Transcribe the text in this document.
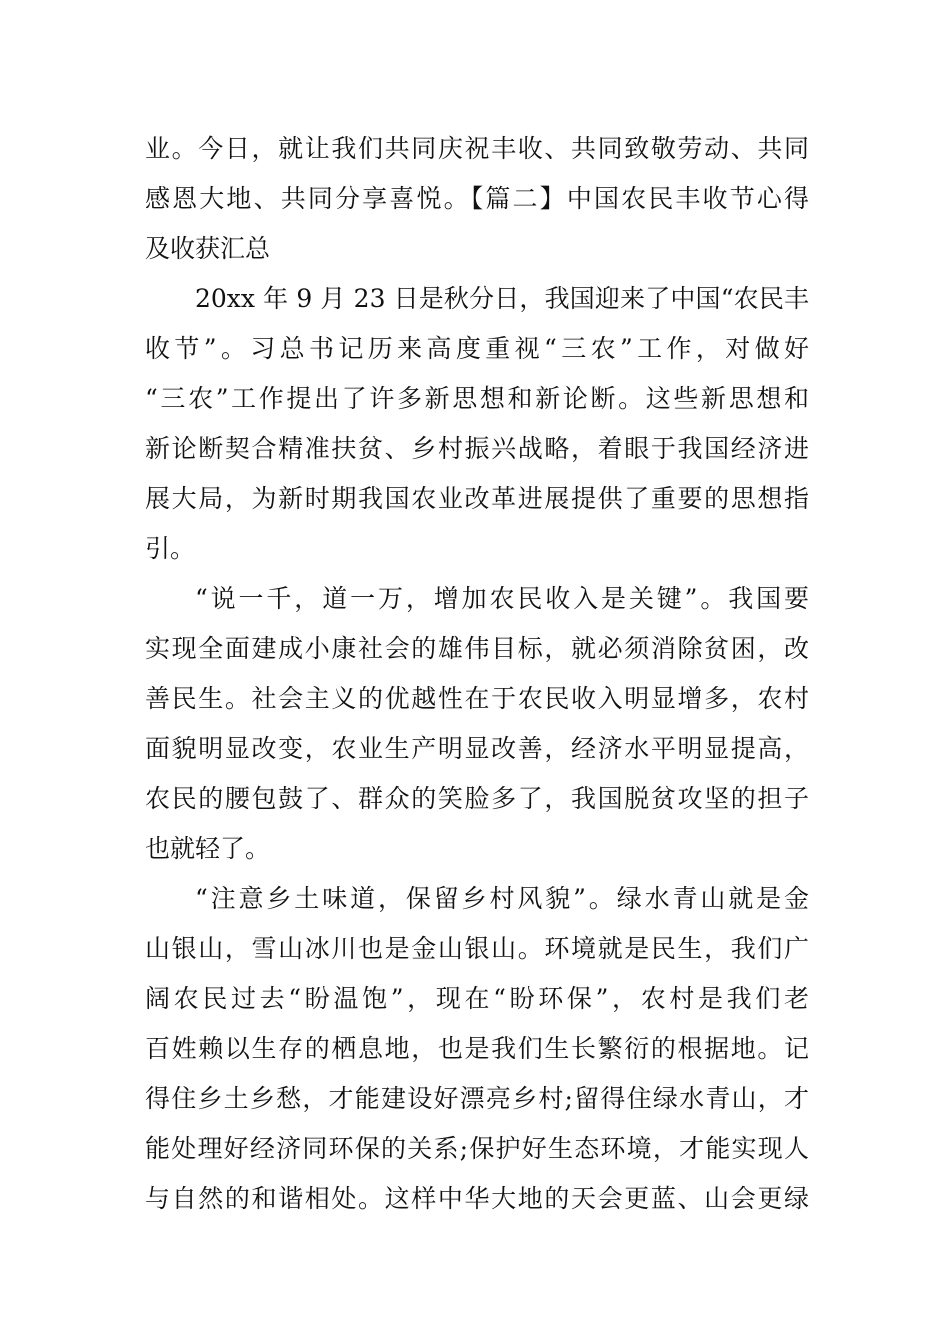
业。今日，就让我们共同庆祝丰收、共同致敬劳动、共同
感恩大地、共同分享喜悦。【篇二】中国农民丰收节心得
及收获汇总
20xx 年 9 月 23 日是秋分日，我国迎来了中国“农民丰
收节”。习总书记历来高度重视“三农”工作，对做好
“三农”工作提出了许多新思想和新论断。这些新思想和
新论断契合精准扶贫、乡村振兴战略，着眼于我国经济进
展大局，为新时期我国农业改革进展提供了重要的思想指
引。
“说一千，道一万，增加农民收入是关键”。我国要
实现全面建成小康社会的雄伟目标，就必须消除贫困，改
善民生。社会主义的优越性在于农民收入明显增多，农村
面貌明显改变，农业生产明显改善，经济水平明显提高，
农民的腰包鼓了、群众的笑脸多了，我国脱贫攻坚的担子
也就轻了。
“注意乡土味道，保留乡村风貌”。绿水青山就是金
山银山，雪山冰川也是金山银山。环境就是民生，我们广
阔农民过去“盼温饱”，现在“盼环保”，农村是我们老
百姓赖以生存的栖息地，也是我们生长繁衍的根据地。记
得住乡土乡愁，才能建设好漂亮乡村;留得住绿水青山，才
能处理好经济同环保的关系;保护好生态环境，才能实现人
与自然的和谐相处。这样中华大地的天会更蓝、山会更绿
